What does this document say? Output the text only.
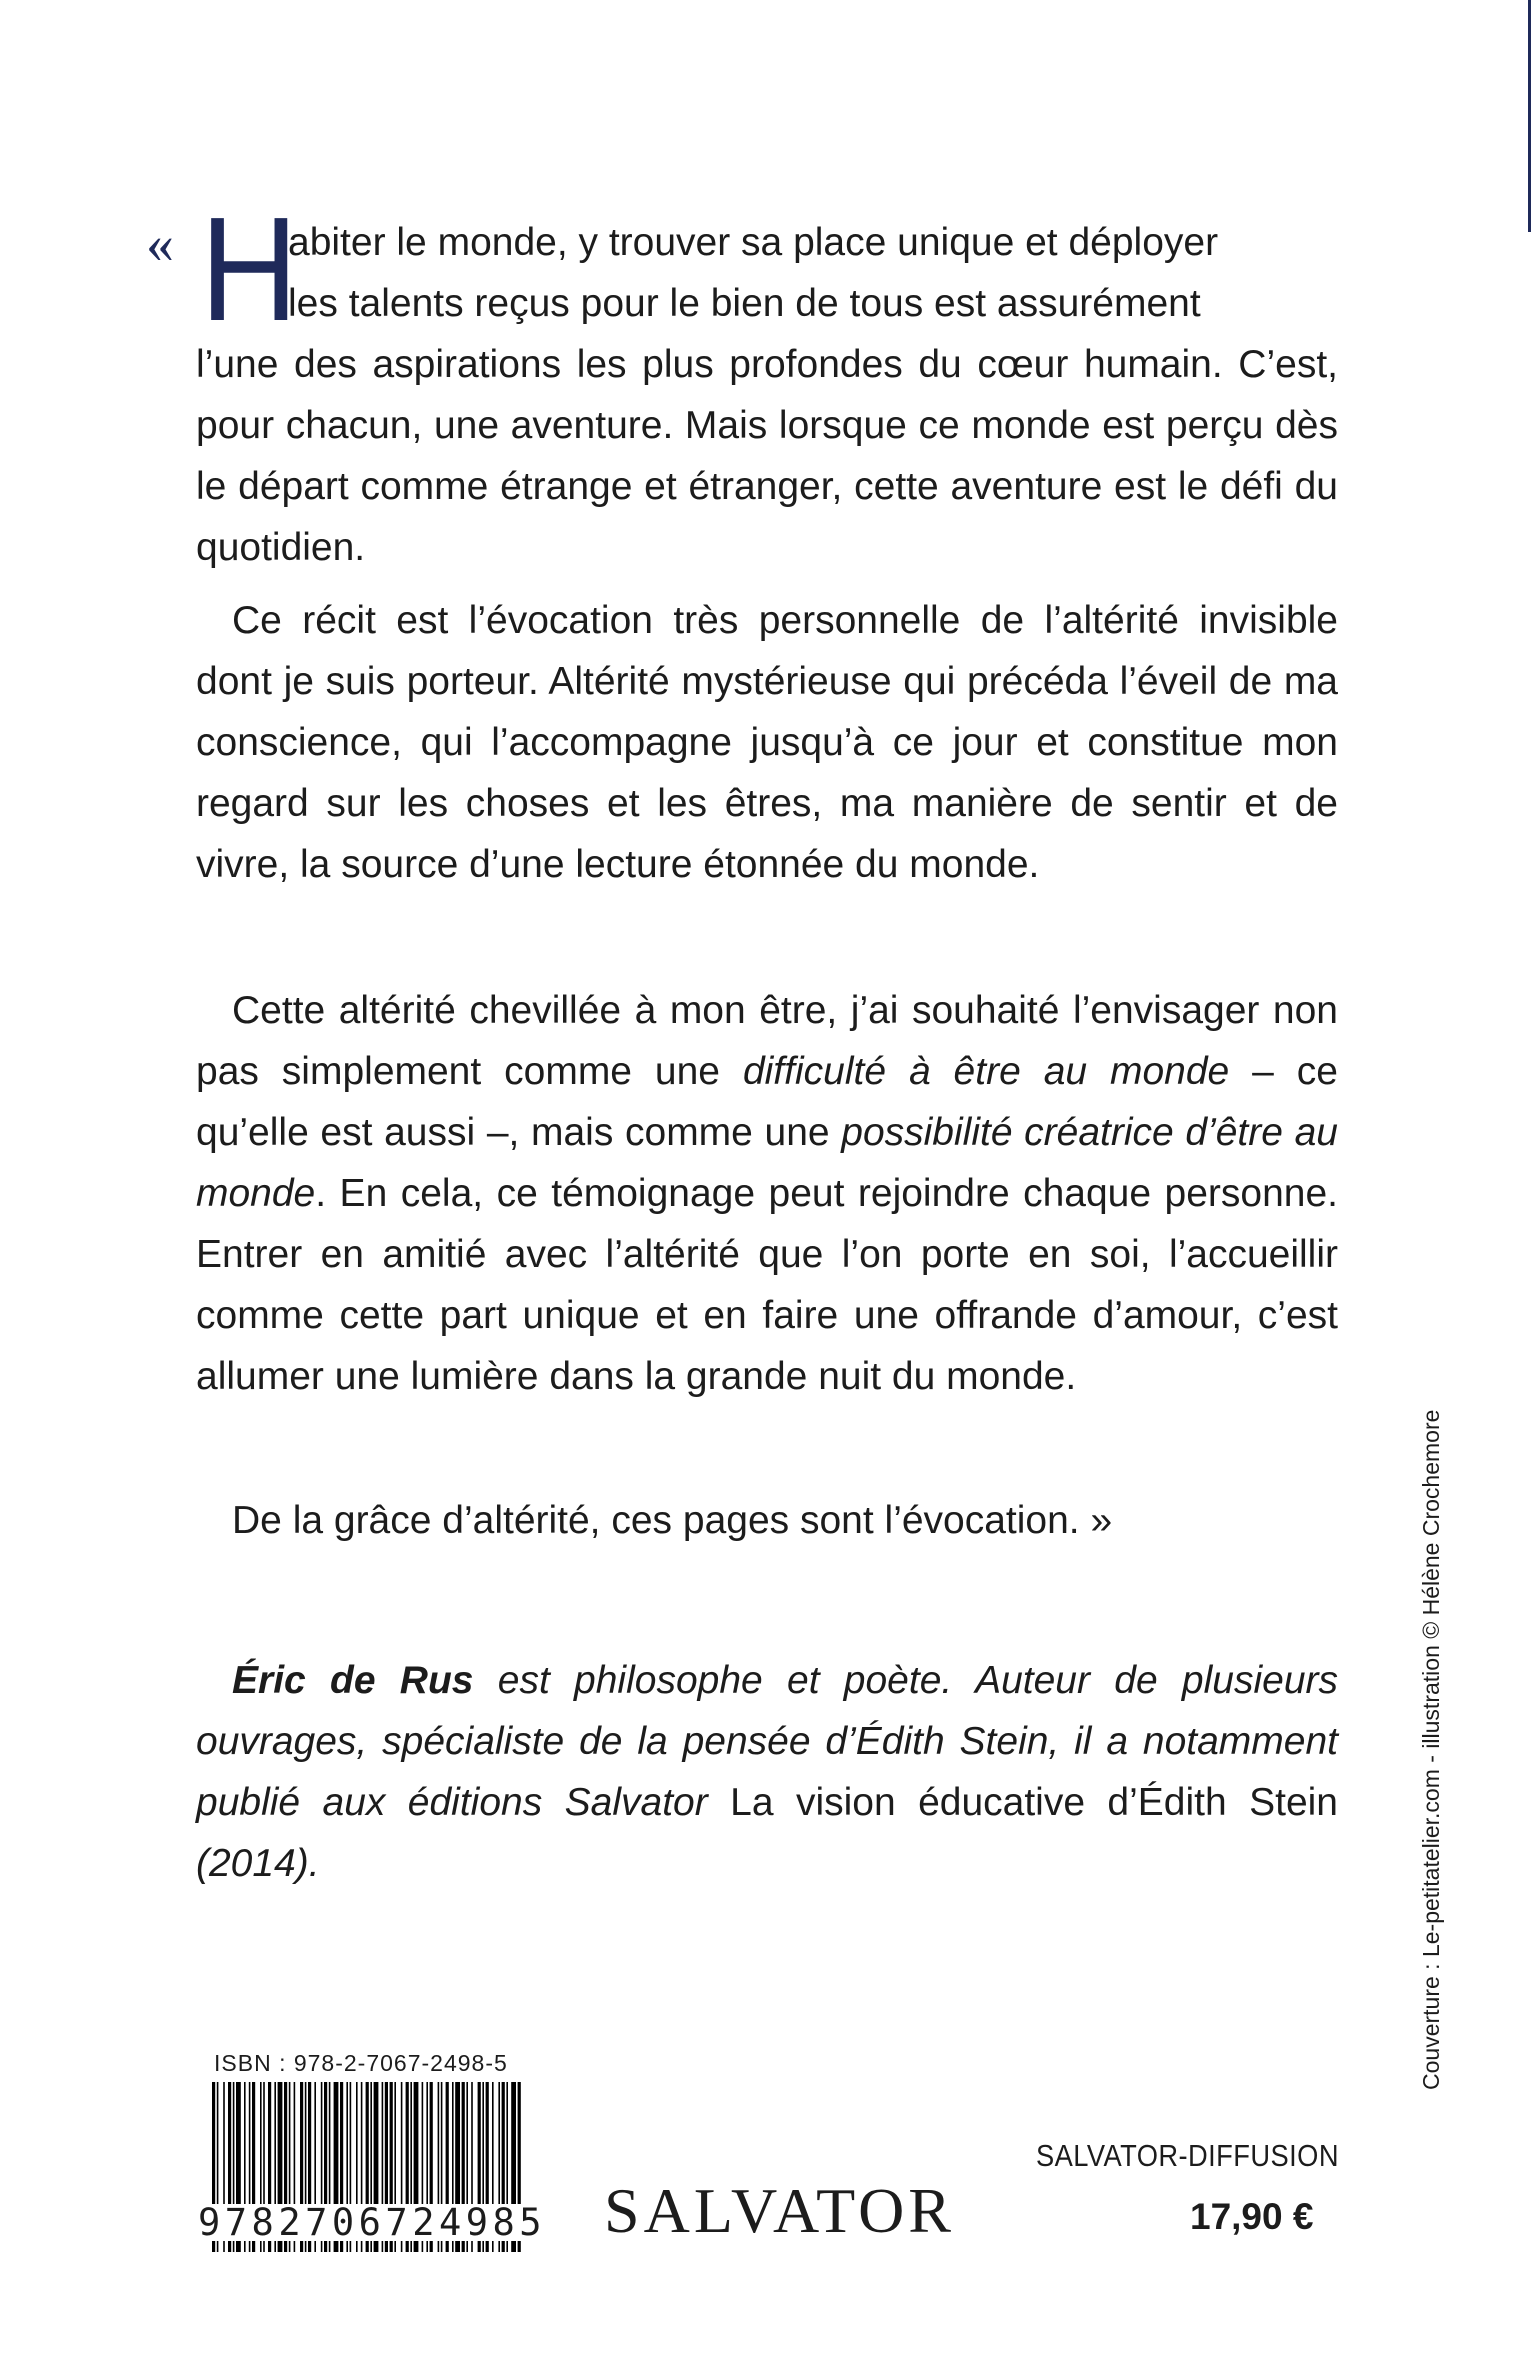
« H
abiter le monde, y trouver sa place unique et déployer
les talents reçus pour le bien de tous est assurément
l’une des aspirations les plus profondes du cœur humain. C’est, pour chacun, une aventure. Mais lorsque ce monde est perçu dès le départ comme étrange et étranger, cette aventure est le défi du quotidien.

Ce récit est l’évocation très personnelle de l’altérité invisible dont je suis porteur. Altérité mystérieuse qui précéda l’éveil de ma conscience, qui l’accompagne jusqu’à ce jour et constitue mon regard sur les choses et les êtres, ma manière de sentir et de vivre, la source d’une lecture étonnée du monde.

Cette altérité chevillée à mon être, j’ai souhaité l’envisager non pas simplement comme une difficulté à être au monde – ce qu’elle est aussi –, mais comme une possibilité créatrice d’être au monde. En cela, ce témoignage peut rejoindre chaque personne. Entrer en amitié avec l’altérité que l’on porte en soi, l’accueillir comme cette part unique et en faire une offrande d’amour, c’est allumer une lumière dans la grande nuit du monde.

De la grâce d’altérité, ces pages sont l’évocation. »

Éric de Rus est philosophe et poète. Auteur de plusieurs ouvrages, spécialiste de la pensée d’Édith Stein, il a notamment publié aux éditions Salvator La vision éducative d’Édith Stein (2014).	Couverture : Le-petitatelier.com - illustration © Hélène Crochemore
ISBN : 978-2-7067-2498-5
9782706724985 SALVATOR
SALVATOR-DIFFUSION
17,90 €
